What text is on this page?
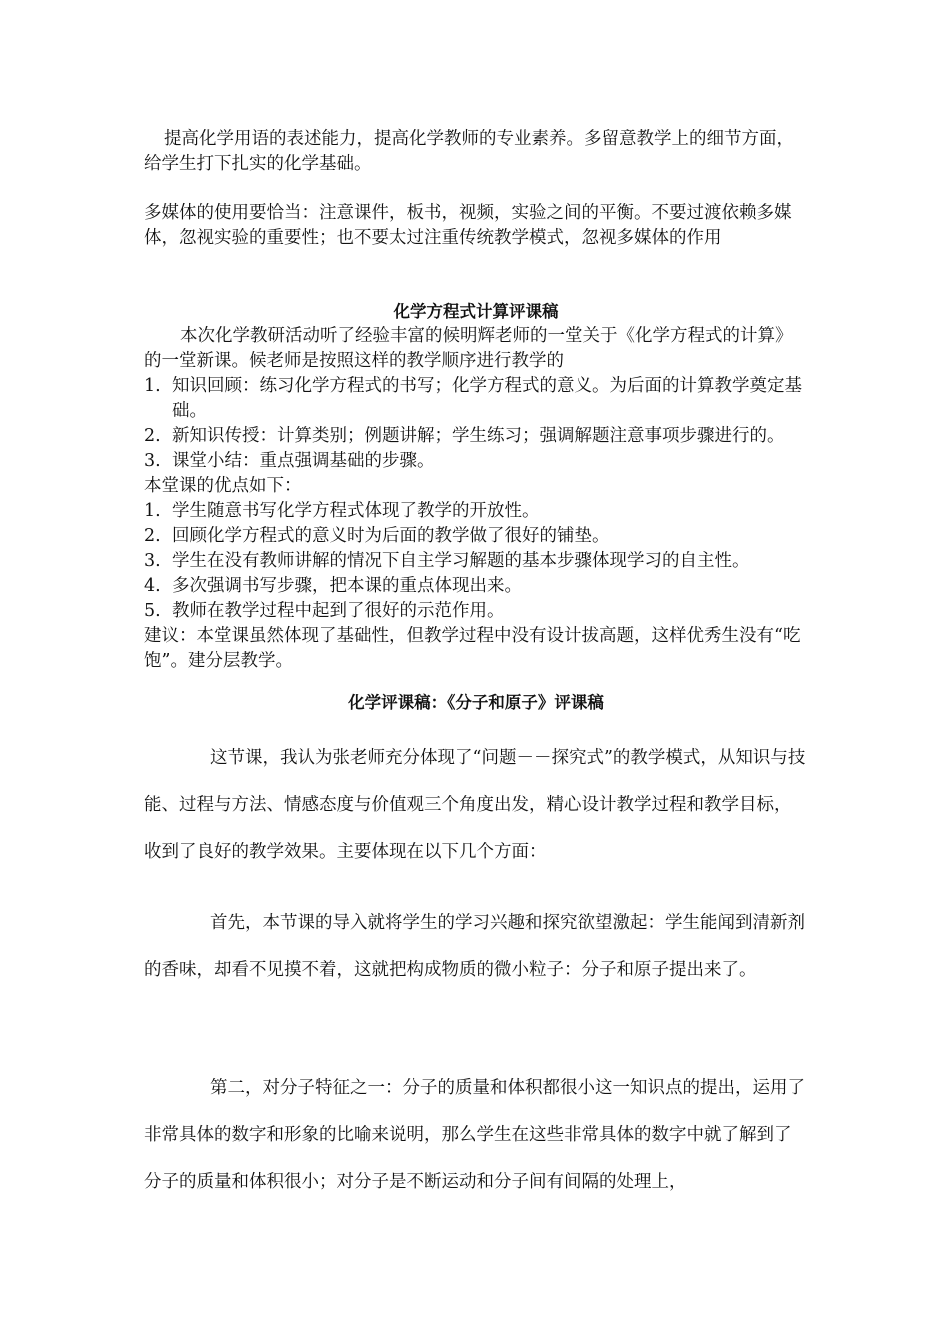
提高化学用语的表述能力，提高化学教师的专业素养。多留意教学上的细节方面，给学生打下扎实的化学基础。

多媒体的使用要恰当：注意课件，板书，视频，实验之间的平衡。不要过渡依赖多媒体，忽视实验的重要性；也不要太过注重传统教学模式，忽视多媒体的作用

化学方程式计算评课稿

本次化学教研活动听了经验丰富的候明辉老师的一堂关于《化学方程式的计算》的一堂新课。候老师是按照这样的教学顺序进行教学的

1. 知识回顾：练习化学方程式的书写；化学方程式的意义。为后面的计算教学奠定基础。
2. 新知识传授：计算类别；例题讲解；学生练习；强调解题注意事项步骤进行的。
3. 课堂小结：重点强调基础的步骤。

本堂课的优点如下：

1. 学生随意书写化学方程式体现了教学的开放性。
2. 回顾化学方程式的意义时为后面的教学做了很好的铺垫。
3. 学生在没有教师讲解的情况下自主学习解题的基本步骤体现学习的自主性。
4. 多次强调书写步骤，把本课的重点体现出来。
5. 教师在教学过程中起到了很好的示范作用。

建议：本堂课虽然体现了基础性，但教学过程中没有设计拔高题，这样优秀生没有“吃饱”。建分层教学。

化学评课稿：《分子和原子》评课稿

这节课，我认为张老师充分体现了“问题－－探究式”的教学模式，从知识与技能、过程与方法、情感态度与价值观三个角度出发，精心设计教学过程和教学目标，收到了良好的教学效果。主要体现在以下几个方面：

首先，本节课的导入就将学生的学习兴趣和探究欲望激起：学生能闻到清新剂的香味，却看不见摸不着，这就把构成物质的微小粒子：分子和原子提出来了。

第二，对分子特征之一：分子的质量和体积都很小这一知识点的提出，运用了非常具体的数字和形象的比喻来说明，那么学生在这些非常具体的数字中就了解到了分子的质量和体积很小；对分子是不断运动和分子间有间隔的处理上，
